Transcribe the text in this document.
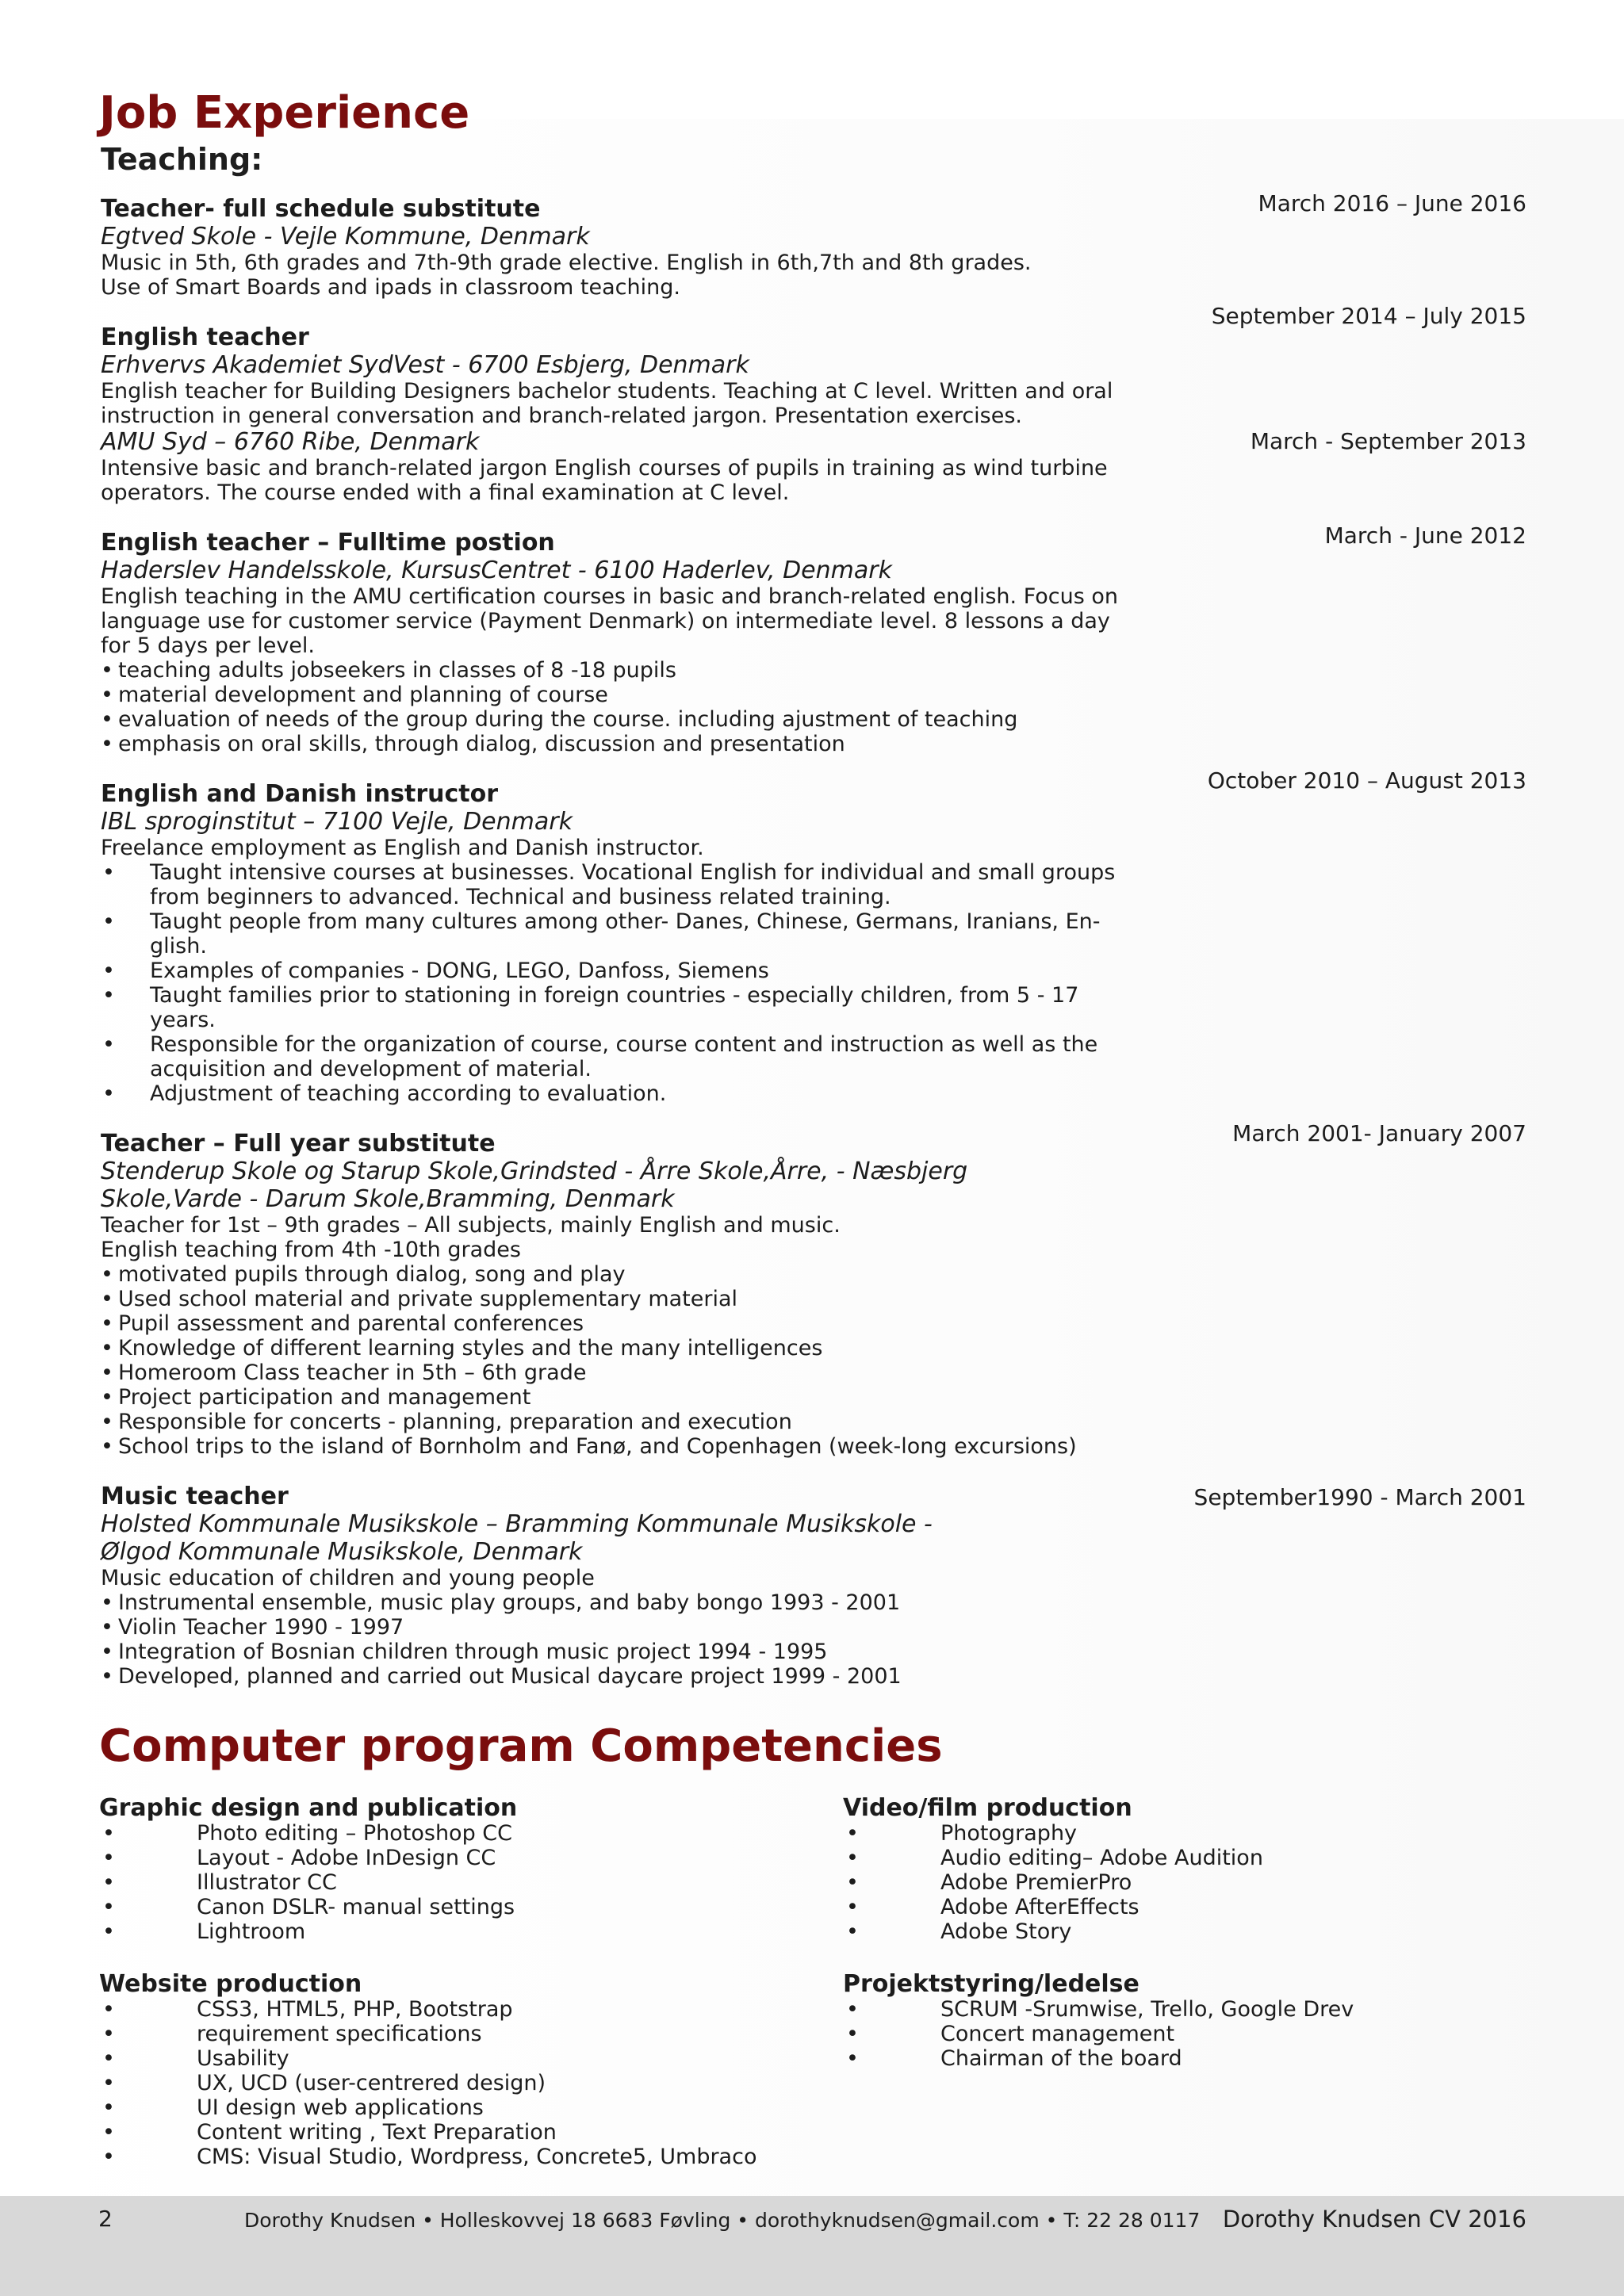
Job Experience
Teaching:
March 2016 – June 2016
Teacher- full schedule substitute
Egtved Skole - Vejle Kommune, Denmark
Music in 5th, 6th grades and 7th-9th grade elective. English in 6th,7th and 8th grades.
Use of Smart Boards and ipads in classroom teaching.
September 2014 – July 2015
English teacher
Erhvervs Akademiet SydVest - 6700 Esbjerg, Denmark
English teacher for Building Designers bachelor students. Teaching at C level. Written and oral instruction in general conversation and branch-related jargon. Presentation exercises.
March - September 2013
AMU Syd – 6760 Ribe, Denmark
Intensive basic and branch-related jargon English courses of pupils in training as wind turbine operators. The course ended with a final examination at C level.
March - June 2012
English teacher – Fulltime postion
Haderslev Handelsskole, KursusCentret - 6100 Haderlev, Denmark
English teaching in the AMU certification courses in basic and branch-related english. Focus on language use for customer service (Payment Denmark) on intermediate level. 8 lessons a day for 5 days per level.
• teaching adults jobseekers in classes of 8 -18 pupils
• material development and planning of course
• evaluation of needs of the group during the course. including ajustment of teaching
• emphasis on oral skills, through dialog, discussion and presentation
October 2010 – August 2013
English and Danish instructor
IBL sproginstitut – 7100 Vejle, Denmark
Freelance employment as English and Danish instructor.
• Taught intensive courses at businesses. Vocational English for individual and small groups from beginners to advanced. Technical and business related training.
• Taught people from many cultures among other- Danes, Chinese, Germans, Iranians, En-glish.
• Examples of companies - DONG, LEGO, Danfoss, Siemens
• Taught families prior to stationing in foreign countries - especially children, from 5 - 17 years.
• Responsible for the organization of course, course content and instruction as well as the acquisition and development of material.
• Adjustment of teaching according to evaluation.
March 2001- January 2007
Teacher – Full year substitute
Stenderup Skole og Starup Skole,Grindsted - Årre Skole,Årre, - Næsbjerg Skole,Varde - Darum Skole,Bramming, Denmark
Teacher for 1st – 9th grades – All subjects, mainly English and music.
English teaching from 4th -10th grades
• motivated pupils through dialog, song and play
• Used school material and private supplementary material
• Pupil assessment and parental conferences
• Knowledge of different learning styles and the many intelligences
• Homeroom Class teacher in 5th – 6th grade
• Project participation and management
• Responsible for concerts - planning, preparation and execution
• School trips to the island of Bornholm and Fanø, and Copenhagen (week-long excursions)
September1990 - March 2001
Music teacher
Holsted Kommunale Musikskole – Bramming Kommunale Musikskole - Ølgod Kommunale Musikskole, Denmark
Music education of children and young people
• Instrumental ensemble, music play groups, and baby bongo 1993 - 2001
• Violin Teacher 1990 - 1997
• Integration of Bosnian children through music project 1994 - 1995
• Developed, planned and carried out Musical daycare project 1999 - 2001
Computer program Competencies
Graphic design and publication
•	Photo editing – Photoshop CC
•	Layout - Adobe InDesign CC
•	Illustrator CC
•	Canon DSLR- manual settings
•	Lightroom
Website production
•	CSS3, HTML5, PHP, Bootstrap
•	requirement specifications
•	Usability
•	UX, UCD (user-centrered design)
•	UI design web applications
•	Content writing , Text Preparation
•	CMS: Visual Studio, Wordpress, Concrete5, Umbraco
Video/film production
•	Photography
•	Audio editing– Adobe Audition
•	Adobe PremierPro
•	Adobe AfterEffects
•	Adobe Story
Projektstyring/ledelse
•	SCRUM -Srumwise, Trello, Google Drev
•	Concert management
•	Chairman of the board
2	Dorothy Knudsen • Holleskovvej 18 6683 Føvling • dorothyknudsen@gmail.com • T: 22 28 0117 Dorothy Knudsen CV 2016
